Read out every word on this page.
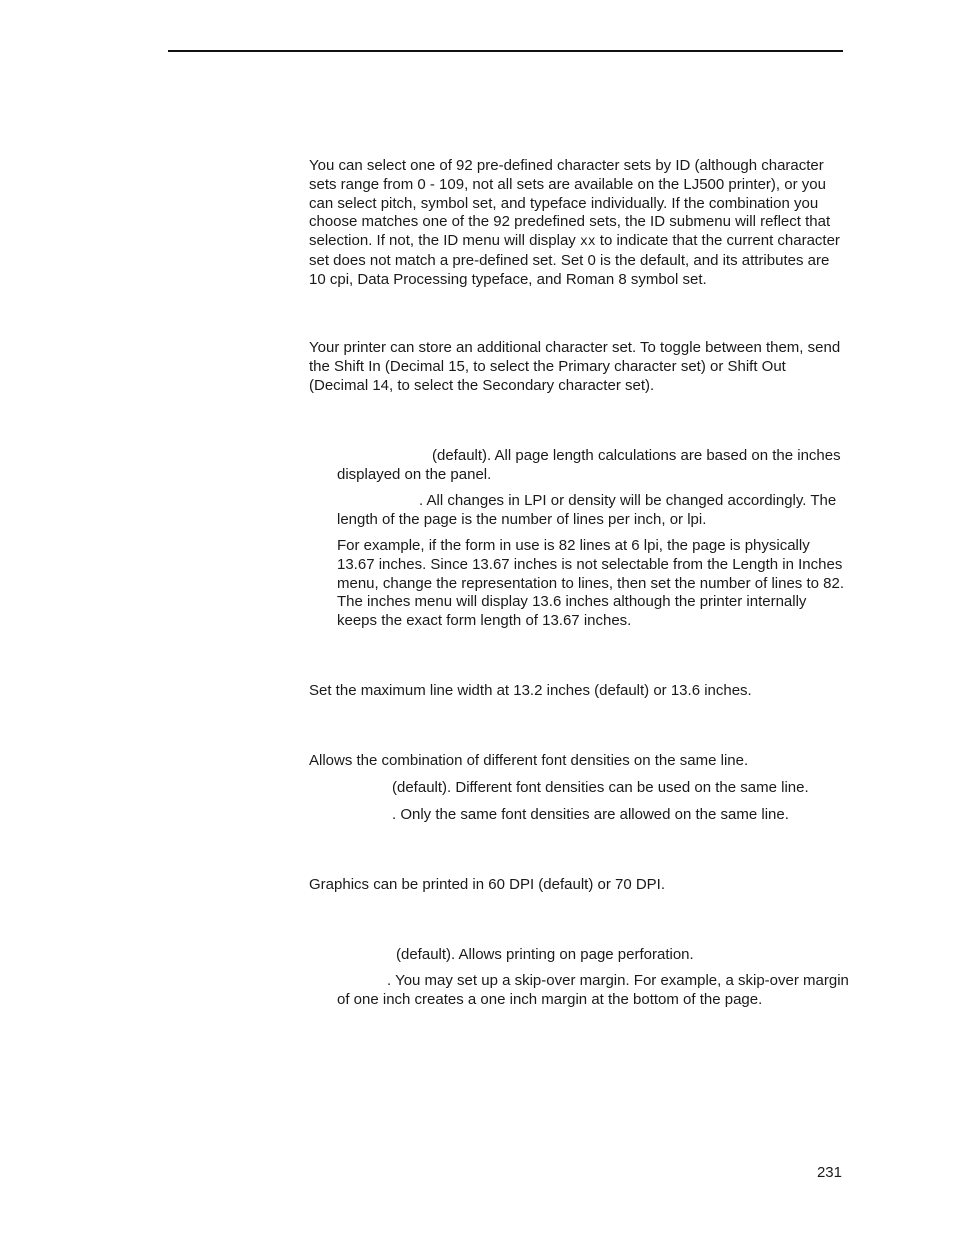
You can select one of 92 pre-defined character sets by ID (although character sets range from 0 - 109, not all sets are available on the LJ500 printer), or you can select pitch, symbol set, and typeface individually. If the combination you choose matches one of the 92 predefined sets, the ID submenu will reflect that selection. If not, the ID menu will display xx to indicate that the current character set does not match a pre-defined set. Set 0 is the default, and its attributes are 10 cpi, Data Processing typeface, and Roman 8 symbol set.

Your printer can store an additional character set. To toggle between them, send the Shift In (Decimal 15, to select the Primary character set) or Shift Out (Decimal 14, to select the Secondary character set).

(default). All page length calculations are based on the inches displayed on the panel.

. All changes in LPI or density will be changed accordingly. The length of the page is the number of lines per inch, or lpi.

For example, if the form in use is 82 lines at 6 lpi, the page is physically 13.67 inches. Since 13.67 inches is not selectable from the Length in Inches menu, change the representation to lines, then set the number of lines to 82. The inches menu will display 13.6 inches although the printer internally keeps the exact form length of 13.67 inches.

Set the maximum line width at 13.2 inches (default) or 13.6 inches.

Allows the combination of different font densities on the same line.

(default). Different font densities can be used on the same line.

. Only the same font densities are allowed on the same line.

Graphics can be printed in 60 DPI (default) or 70 DPI.

(default). Allows printing on page perforation.

. You may set up a skip-over margin. For example, a skip-over margin of one inch creates a one inch margin at the bottom of the page.

231
